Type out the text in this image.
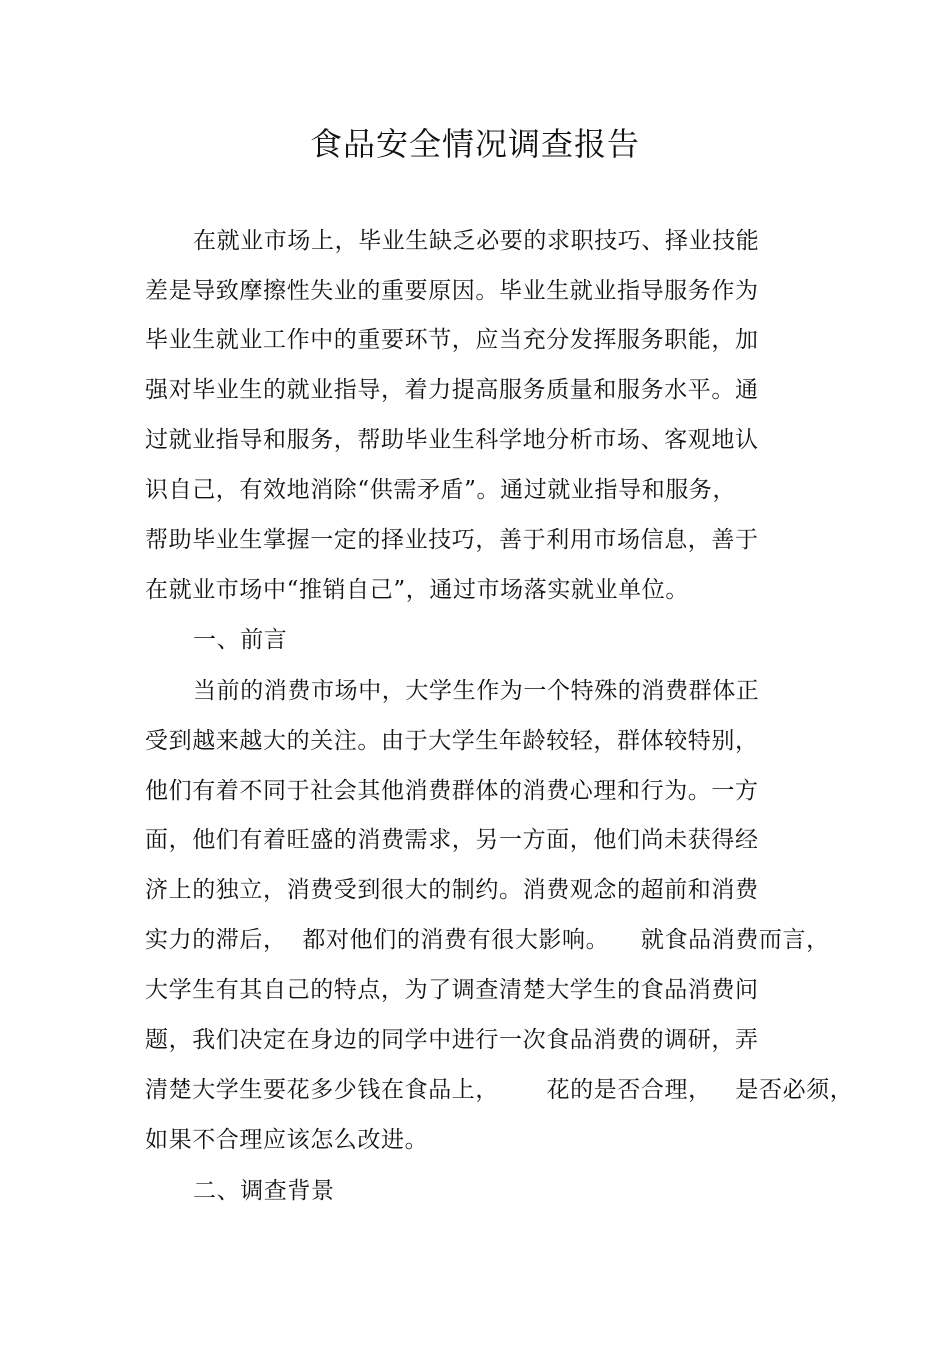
食品安全情况调查报告
在就业市场上，毕业生缺乏必要的求职技巧、择业技能
差是导致摩擦性失业的重要原因。毕业生就业指导服务作为
毕业生就业工作中的重要环节，应当充分发挥服务职能，加
强对毕业生的就业指导，着力提高服务质量和服务水平。通
过就业指导和服务，帮助毕业生科学地分析市场、客观地认
识自己，有效地消除“供需矛盾”。通过就业指导和服务，
帮助毕业生掌握一定的择业技巧，善于利用市场信息，善于
在就业市场中“推销自己”，通过市场落实就业单位。
一、前言
当前的消费市场中，大学生作为一个特殊的消费群体正
受到越来越大的关注。由于大学生年龄较轻，群体较特别，
他们有着不同于社会其他消费群体的消费心理和行为。一方
面，他们有着旺盛的消费需求，另一方面，他们尚未获得经
济上的独立，消费受到很大的制约。消费观念的超前和消费
实力的滞后，  都对他们的消费有很大影响。    就食品消费而言，
大学生有其自己的特点，为了调查清楚大学生的食品消费问
题，我们决定在身边的同学中进行一次食品消费的调研，弄
清楚大学生要花多少钱在食品上，      花的是否合理，   是否必须，
如果不合理应该怎么改进。
二、调查背景
